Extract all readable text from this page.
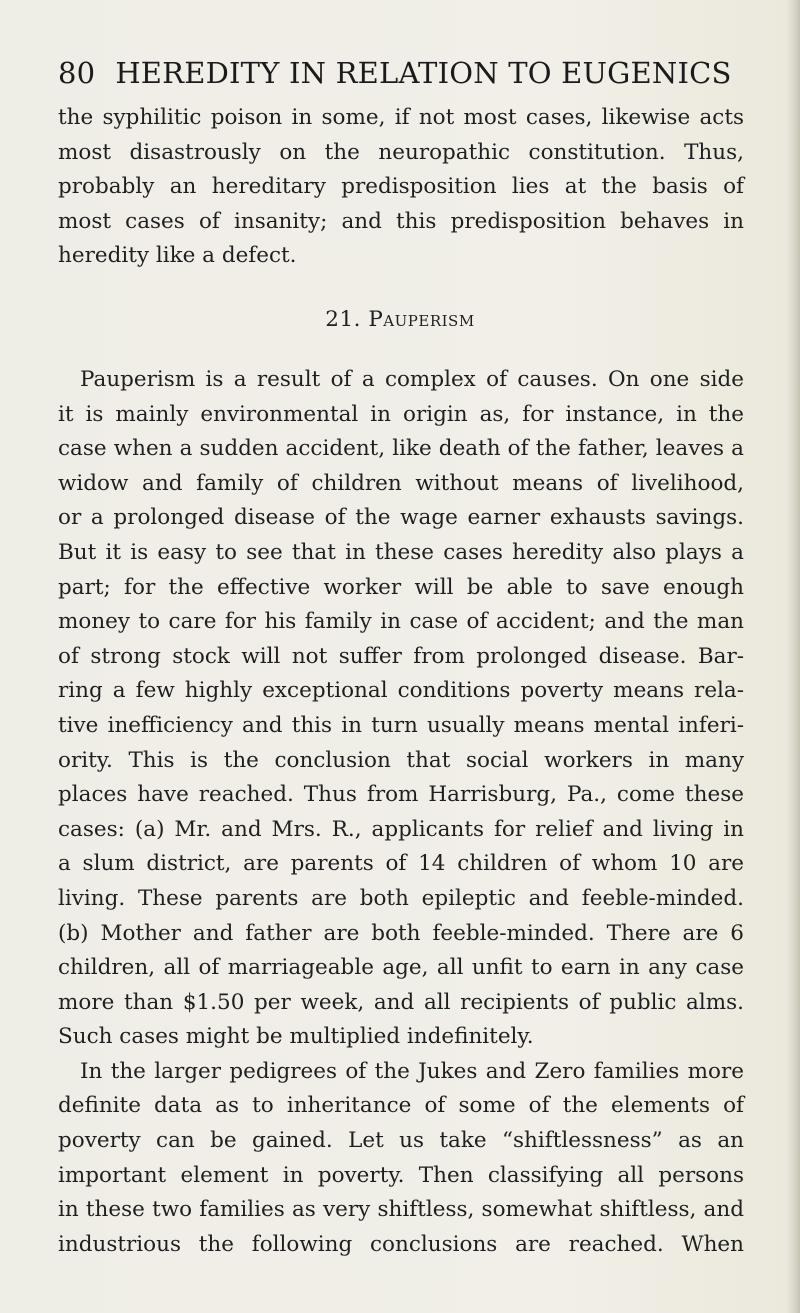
80 HEREDITY IN RELATION TO EUGENICS
the syphilitic poison in some, if not most cases, likewise acts
most disastrously on the neuropathic constitution. Thus,
probably an hereditary predisposition lies at the basis of
most cases of insanity; and this predisposition behaves in
heredity like a defect.
21. Pauperism
Pauperism is a result of a complex of causes. On one side
it is mainly environmental in origin as, for instance, in the
case when a sudden accident, like death of the father, leaves a
widow and family of children without means of livelihood,
or a prolonged disease of the wage earner exhausts savings.
But it is easy to see that in these cases heredity also plays a
part; for the effective worker will be able to save enough
money to care for his family in case of accident; and the man
of strong stock will not suffer from prolonged disease. Bar-
ring a few highly exceptional conditions poverty means rela-
tive inefficiency and this in turn usually means mental inferi-
ority. This is the conclusion that social workers in many
places have reached. Thus from Harrisburg, Pa., come these
cases: (a) Mr. and Mrs. R., applicants for relief and living in
a slum district, are parents of 14 children of whom 10 are
living. These parents are both epileptic and feeble-minded.
(b) Mother and father are both feeble-minded. There are 6
children, all of marriageable age, all unfit to earn in any case
more than $1.50 per week, and all recipients of public alms.
Such cases might be multiplied indefinitely.
In the larger pedigrees of the Jukes and Zero families more
definite data as to inheritance of some of the elements of
poverty can be gained. Let us take “shiftlessness” as an
important element in poverty. Then classifying all persons
in these two families as very shiftless, somewhat shiftless, and
industrious the following conclusions are reached. When
